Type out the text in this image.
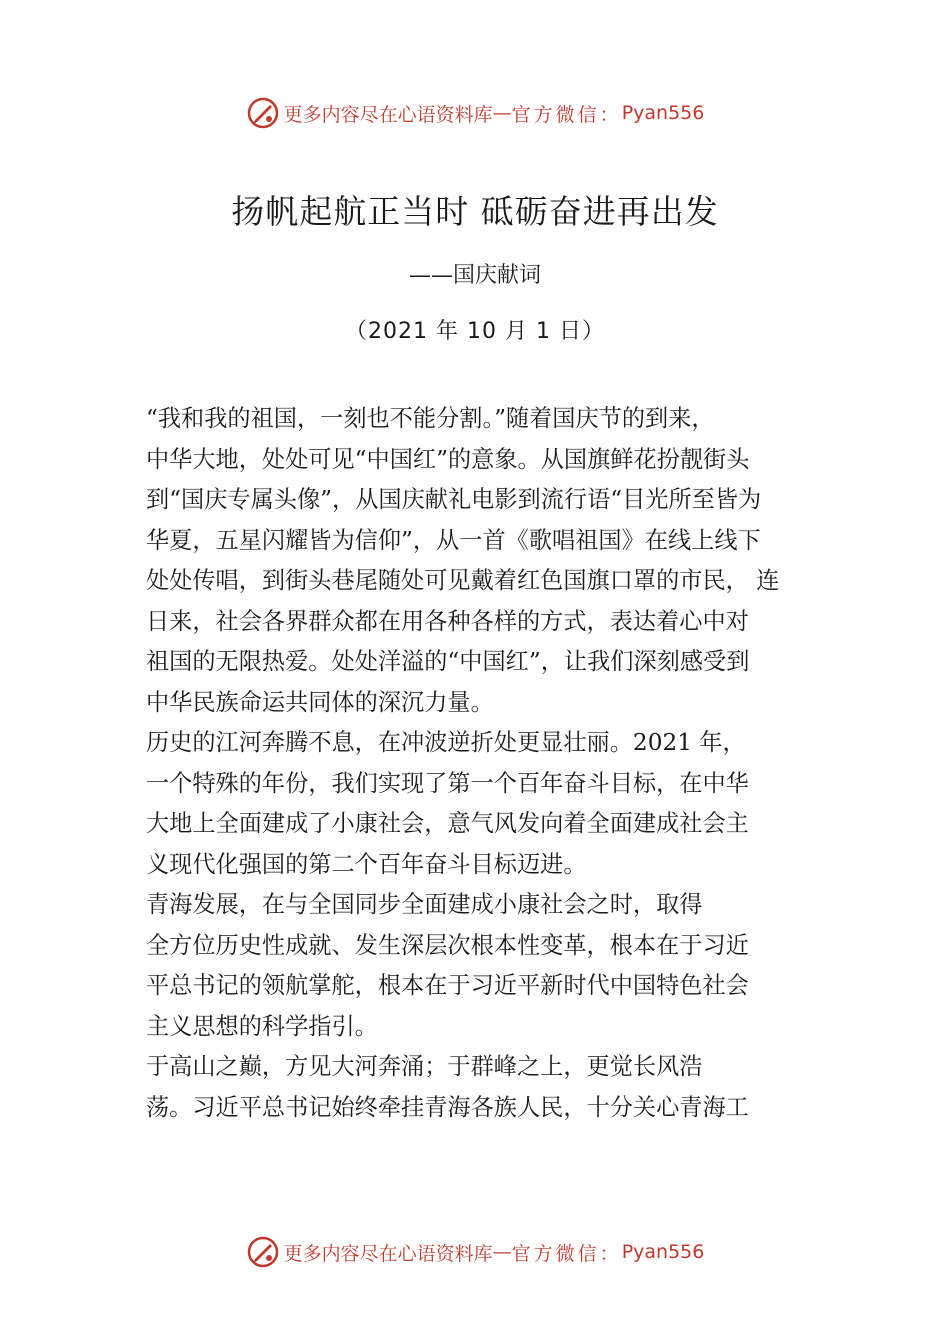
更多内容尽在心语资料库 — 官方微信： Pyan556
扬帆起航正当时 砥砺奋进再出发
——国庆献词
（2021 年 10 月 1 日）

“我和我的祖国，一刻也不能分割。”随着国庆节的到来，
中华大地，处处可见“中国红”的意象。从国旗鲜花扮靓街头
到“国庆专属头像”，从国庆献礼电影到流行语“目光所至皆为
华夏，五星闪耀皆为信仰”，从一首《歌唱祖国》在线上线下
处处传唱，到街头巷尾随处可见戴着红色国旗口罩的市民， 连
日来，社会各界群众都在用各种各样的方式，表达着心中对
祖国的无限热爱。处处洋溢的“中国红”，让我们深刻感受到
中华民族命运共同体的深沉力量。

历史的江河奔腾不息，在冲波逆折处更显壮丽。2021 年，
一个特殊的年份，我们实现了第一个百年奋斗目标，在中华
大地上全面建成了小康社会，意气风发向着全面建成社会主
义现代化强国的第二个百年奋斗目标迈进。

青海发展，在与全国同步全面建成小康社会之时，取得
全方位历史性成就、发生深层次根本性变革，根本在于习近
平总书记的领航掌舵，根本在于习近平新时代中国特色社会
主义思想的科学指引。

于高山之巅，方见大河奔涌；于群峰之上，更觉长风浩
荡。习近平总书记始终牵挂青海各族人民，十分关心青海工

更多内容尽在心语资料库 — 官方微信： Pyan556
